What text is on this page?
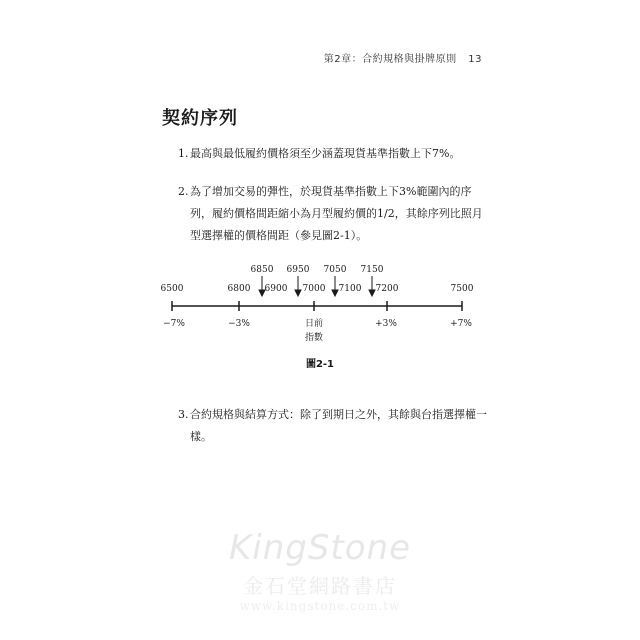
第2章：合約規格與掛牌原則 13
契約序列
1. 最高與最低履約價格須至少涵蓋現貨基準指數上下7%。
2. 為了增加交易的彈性，於現貨基準指數上下3%範圍內的序列，履約價格間距縮小為月型履約價的1/2，其餘序列比照月型選擇權的價格間距（參見圖2-1）。
6850 6950 7050 7150
6500	6800 6900 7000 7100 7200	7500
−7%	−3%	日前
指數
+3%	+7%
圖2-1
3. 合約規格與結算方式：除了到期日之外，其餘與台指選擇權一樣。
KingStone
金石堂網路書店
www.kingstone.com.tw
